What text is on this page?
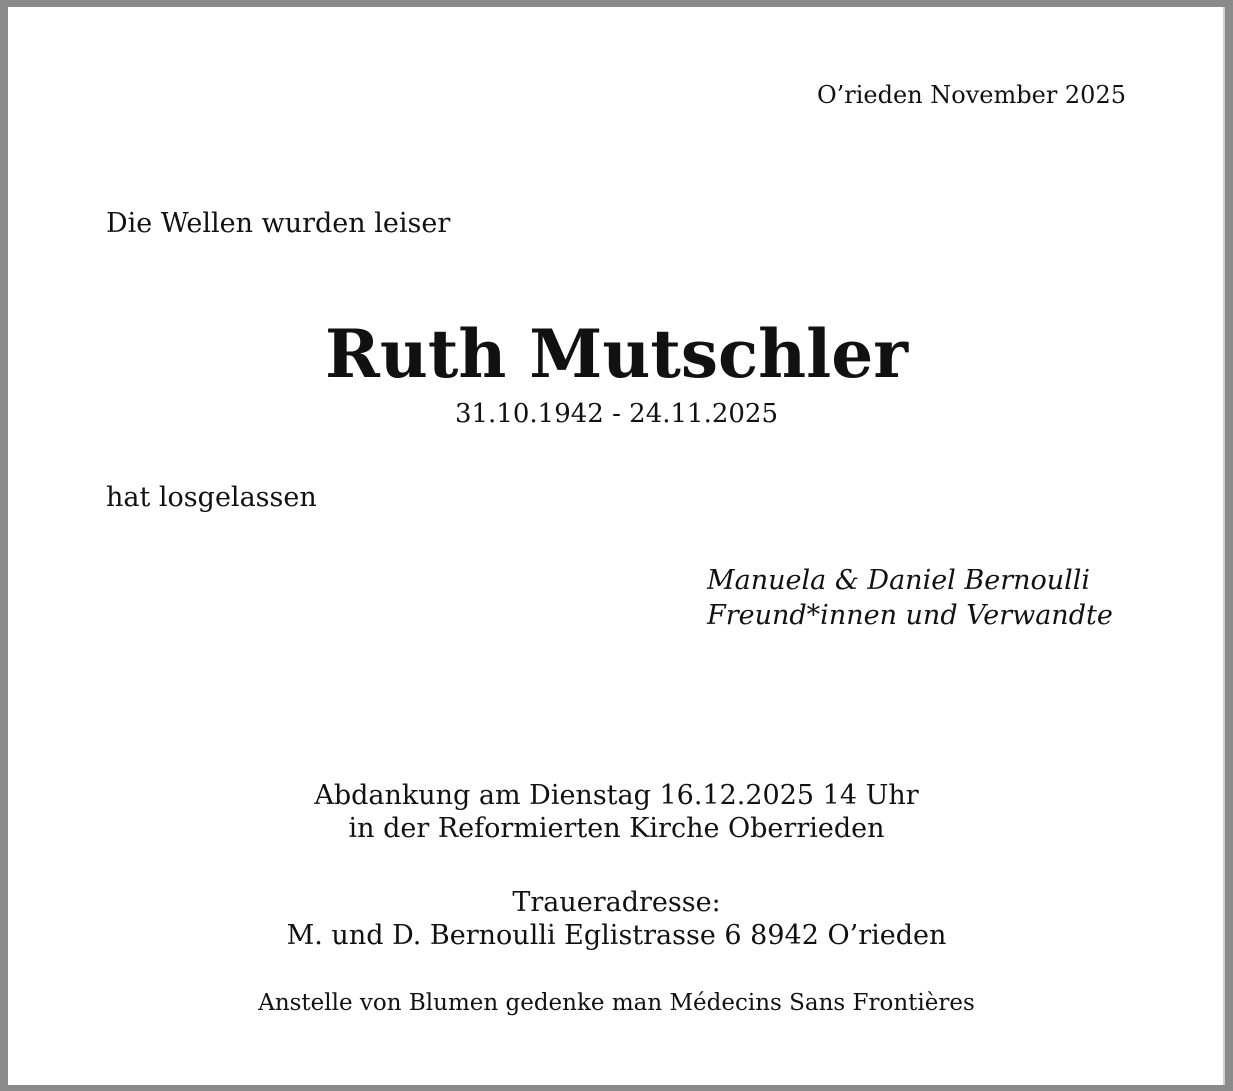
O’rieden November 2025

Die Wellen wurden leiser

Ruth Mutschler

31.10.1942 - 24.11.2025

hat losgelassen

Manuela & Daniel Bernoulli
Freund*innen und Verwandte
Abdankung am Dienstag 16.12.2025 14 Uhr
in der Reformierten Kirche Oberrieden
Traueradresse:
M. und D. Bernoulli Eglistrasse 6 8942 O’rieden

Anstelle von Blumen gedenke man Médecins Sans Frontières
